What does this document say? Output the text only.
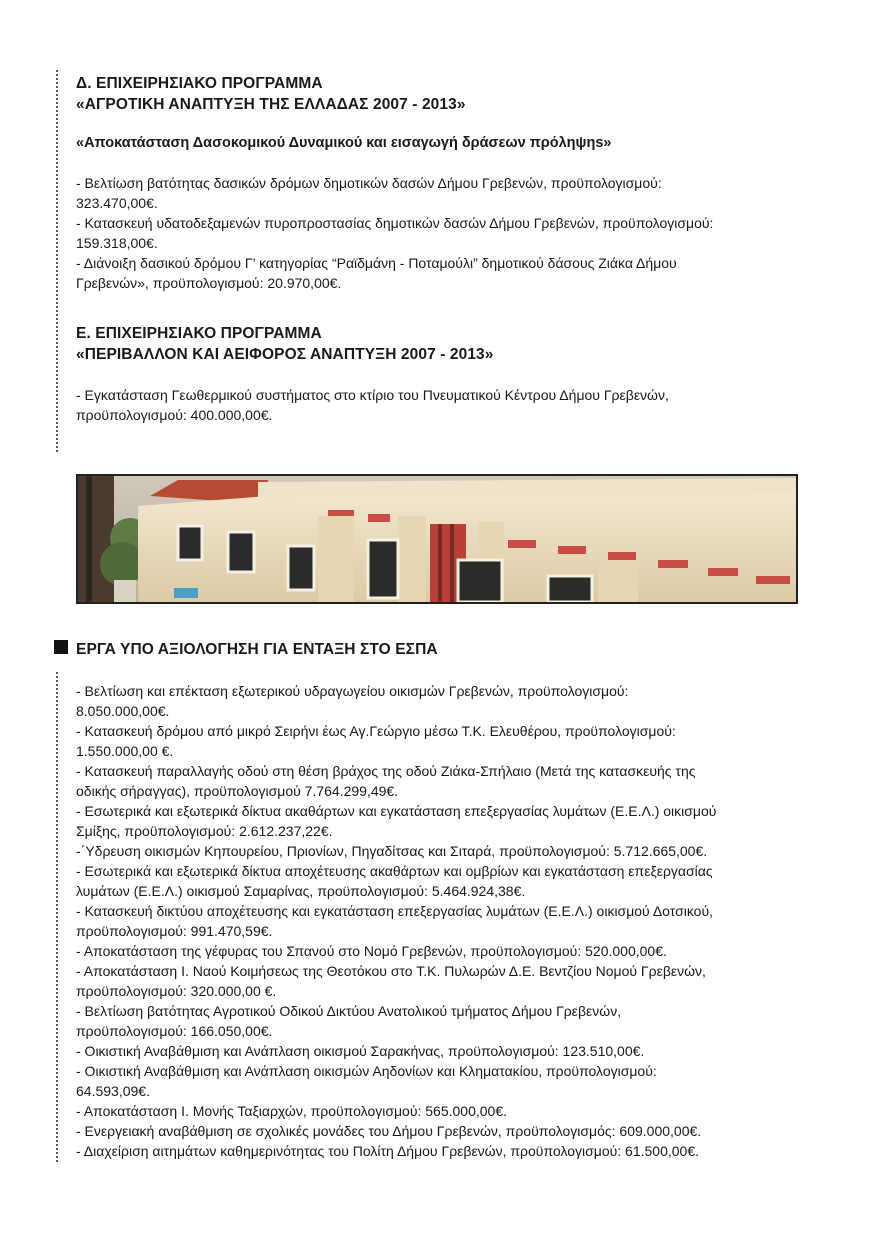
Δ. ΕΠΙΧΕΙΡΗΣΙΑΚΟ ΠΡΟΓΡΑΜΜΑ

«ΑΓΡΟΤΙΚΗ ΑΝΑΠΤΥΞΗ ΤΗΣ ΕΛΛΑΔΑΣ 2007 - 2013»

«Αποκατάσταση Δασοκομικού Δυναμικού και εισαγωγή δράσεων πρόληψηs»

- Βελτίωση βατότητας δασικών δρόμων δημοτικών δασών Δήμου Γρεβενών, προϋπολογισμού:

323.470,00€.

- Κατασκευή υδατοδεξαμενών πυροπροστασίας δημοτικών δασών Δήμου Γρεβενών, προϋπολογισμού:

159.318,00€.

- Διάνοιξη δασικού δρόμου Γ’ κατηγορίας “Ραϊδμάνη - Ποταμούλι” δημοτικού δάσους Ζιάκα Δήμου

Γρεβενών», προϋπολογισμού: 20.970,00€.

Ε. ΕΠΙΧΕΙΡΗΣΙΑΚΟ ΠΡΟΓΡΑΜΜΑ

«ΠΕΡΙΒΑΛΛΟΝ ΚΑΙ ΑΕΙΦΟΡΟΣ ΑΝΑΠΤΥΞΗ 2007 - 2013»

- Εγκατάσταση Γεωθερμικού συστήματος στο κτίριο του Πνευματικού Κέντρου Δήμου Γρεβενών,

προϋπολογισμού: 400.000,00€.

ΕΡΓΑ ΥΠΟ ΑΞΙΟΛΟΓΗΣΗ ΓΙΑ ΕΝΤΑΞΗ ΣΤΟ ΕΣΠΑ

- Βελτίωση και επέκταση εξωτερικού υδραγωγείου οικισμών Γρεβενών, προϋπολογισμού:

8.050.000,00€.

- Κατασκευή δρόμου από μικρό Σειρήνι έως Αγ.Γεώργιο μέσω Τ.Κ. Ελευθέρου, προϋπολογισμού:

1.550.000,00 €.

- Κατασκευή παραλλαγής οδού στη θέση βράχος της οδού Ζιάκα-Σπήλαιο (Μετά της κατασκευής της

οδικής σήραγγας), προϋπολογισμού 7.764.299,49€.

- Εσωτερικά και εξωτερικά δίκτυα ακαθάρτων και εγκατάσταση επεξεργασίας λυμάτων (Ε.Ε.Λ.) οικισμού

Σμίξης, προϋπολογισμού: 2.612.237,22€.

-΄Υδρευση οικισμών Κηπουρείου, Πριονίων, Πηγαδίτσας και Σιταρά, προϋπολογισμού: 5.712.665,00€.

- Εσωτερικά και εξωτερικά δίκτυα αποχέτευσης ακαθάρτων και ομβρίων και εγκατάσταση επεξεργασίας

λυμάτων (Ε.Ε.Λ.) οικισμού Σαμαρίνας, προϋπολογισμού: 5.464.924,38€.

- Κατασκευή δικτύου αποχέτευσης και εγκατάσταση επεξεργασίας λυμάτων (Ε.Ε.Λ.) οικισμού Δοτσικού,

προϋπολογισμού: 991.470,59€.

- Αποκατάσταση της γέφυρας του Σπανού στο Νομό Γρεβενών, προϋπολογισμού: 520.000,00€.

- Αποκατάσταση Ι. Ναού Κοιμήσεως της Θεοτόκου στο Τ.Κ. Πυλωρών Δ.Ε. Βεντζίου Νομού Γρεβενών,

προϋπολογισμού: 320.000,00 €.

- Βελτίωση βατότητας Αγροτικού Οδικού Δικτύου Ανατολικού τμήματος Δήμου Γρεβενών,

προϋπολογισμού: 166.050,00€.

- Οικιστική Αναβάθμιση και Ανάπλαση οικισμού Σαρακήνας, προϋπολογισμού: 123.510,00€.

- Οικιστική Αναβάθμιση και Ανάπλαση οικισμών Αηδονίων και Κληματακίου, προϋπολογισμού:

64.593,09€.

- Αποκατάσταση Ι. Μονής Ταξιαρχών, προϋπολογισμού: 565.000,00€.

- Ενεργειακή αναβάθμιση σε σχολικές μονάδες του Δήμου Γρεβενών, προϋπολογισμός: 609.000,00€.

- Διαχείριση αιτημάτων καθημερινότητας του Πολίτη Δήμου Γρεβενών, προϋπολογισμού: 61.500,00€.
